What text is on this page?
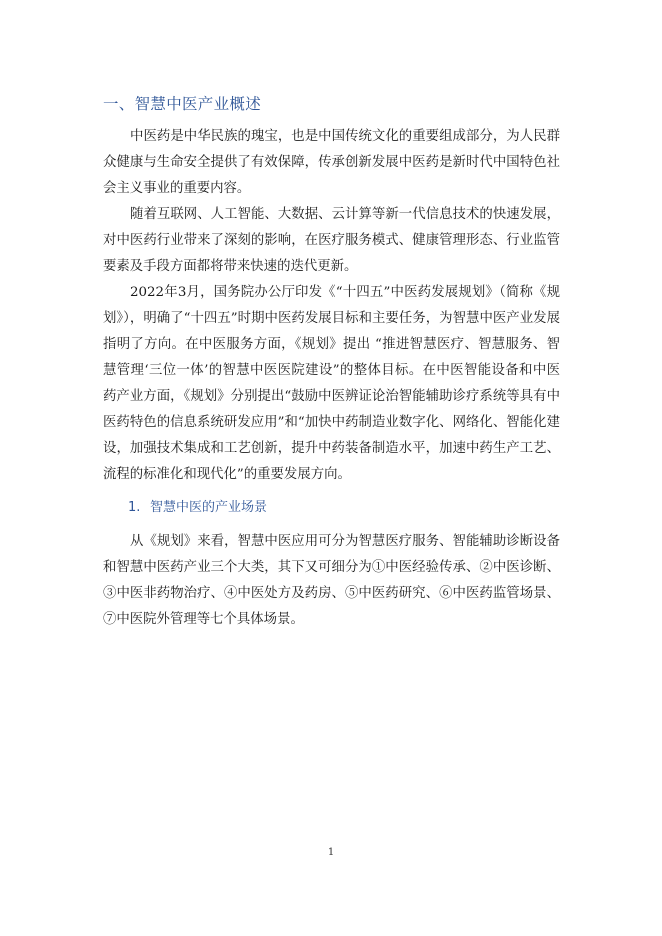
一、智慧中医产业概述

中医药是中华民族的瑰宝，也是中国传统文化的重要组成部分，为人民群众健康与生命安全提供了有效保障，传承创新发展中医药是新时代中国特色社会主义事业的重要内容。

随着互联网、人工智能、大数据、云计算等新一代信息技术的快速发展，对中医药行业带来了深刻的影响，在医疗服务模式、健康管理形态、行业监管要素及手段方面都将带来快速的迭代更新。

2022年3月，国务院办公厅印发《“十四五”中医药发展规划》（简称《规划》），明确了“十四五”时期中医药发展目标和主要任务，为智慧中医产业发展指明了方向。在中医服务方面，《规划》提出 “推进智慧医疗、智慧服务、智慧管理‘三位一体’的智慧中医医院建设”的整体目标。在中医智能设备和中医药产业方面，《规划》分别提出“鼓励中医辨证论治智能辅助诊疗系统等具有中医药特色的信息系统研发应用”和“加快中药制造业数字化、网络化、智能化建设，加强技术集成和工艺创新，提升中药装备制造水平，加速中药生产工艺、流程的标准化和现代化”的重要发展方向。

1. 智慧中医的产业场景

从《规划》来看，智慧中医应用可分为智慧医疗服务、智能辅助诊断设备和智慧中医药产业三个大类，其下又可细分为①中医经验传承、②中医诊断、③中医非药物治疗、④中医处方及药房、⑤中医药研究、⑥中医药监管场景、⑦中医院外管理等七个具体场景。

1
